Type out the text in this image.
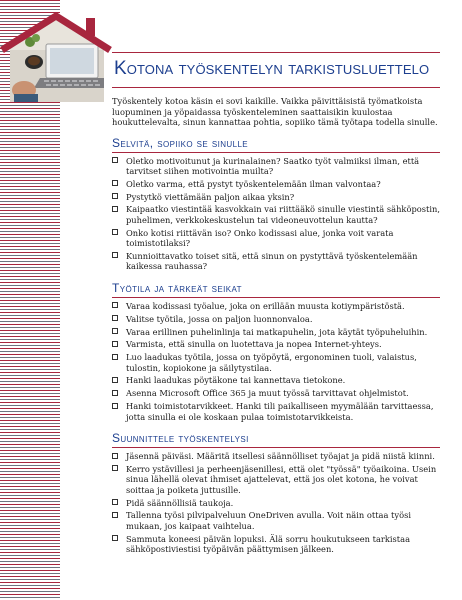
Kotona työskentelyn tarkistusluettelo

Työskentely kotoa käsin ei sovi kaikille. Vaikka päivittäisistä työmatkoista luopuminen ja yöpaidassa työskenteleminen saattaisikin kuulostaa houkuttelevalta, sinun kannattaa pohtia, sopiiko tämä työtapa todella sinulle.

Selvitä, sopiiko se sinulle
Oletko motivoitunut ja kurinalainen? Saatko työt valmiiksi ilman, että tarvitset siihen motivointia muilta?
Oletko varma, että pystyt työskentelemään ilman valvontaa?
Pystytkö viettämään paljon aikaa yksin?
Kaipaatko viestintää kasvokkain vai riittääkö sinulle viestintä sähköpostin, puhelimen, verkkokeskustelun tai videoneuvottelun kautta?
Onko kotisi riittävän iso? Onko kodissasi alue, jonka voit varata toimistotilaksi?
Kunnioittavatko toiset sitä, että sinun on pystyttävä työskentelemään kaikessa rauhassa?
Työtila ja tärkeät seikat
Varaa kodissasi työalue, joka on erillään muusta kotiympäristöstä.
Valitse työtila, jossa on paljon luonnonvaloa.
Varaa erillinen puhelinlinja tai matkapuhelin, jota käytät työpuheluihin.
Varmista, että sinulla on luotettava ja nopea Internet-yhteys.
Luo laadukas työtila, jossa on työpöytä, ergonominen tuoli, valaistus, tulostin, kopiokone ja säilytystilaa.
Hanki laadukas pöytäkone tai kannettava tietokone.
Asenna Microsoft Office 365 ja muut työssä tarvittavat ohjelmistot.
Hanki toimistotarvikkeet. Hanki tili paikalliseen myymälään tarvittaessa, jotta sinulla ei ole koskaan pulaa toimistotarvikkeista.
Suunnittele työskentelysi
Jäsennä päiväsi. Määritä itsellesi säännölliset työajat ja pidä niistä kiinni.
Kerro ystävillesi ja perheenjäsenillesi, että olet "työssä" työaikoina. Usein sinua lähellä olevat ihmiset ajattelevat, että jos olet kotona, he voivat soittaa ja poiketa juttusille.
Pidä säännöllisiä taukoja.
Tallenna työsi pilvipalveluun OneDriven avulla. Voit näin ottaa työsi mukaan, jos kaipaat vaihtelua.
Sammuta koneesi päivän lopuksi. Älä sorru houkutukseen tarkistaa sähköpostiviestisi työpäivän päättymisen jälkeen.
